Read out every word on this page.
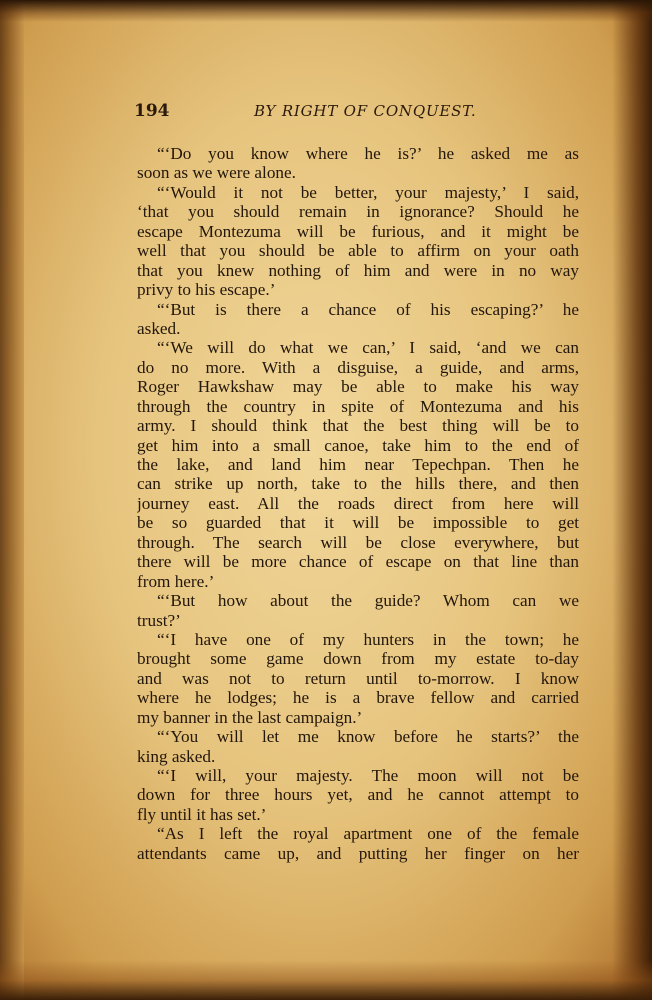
194	BY RIGHT OF CONQUEST.
“‘Do you know where he is?’ he asked me as
soon as we were alone.
“‘Would it not be better, your majesty,’ I said,
‘that you should remain in ignorance? Should he
escape Montezuma will be furious, and it might be
well that you should be able to affirm on your oath
that you knew nothing of him and were in no way
privy to his escape.’
“‘But is there a chance of his escaping?’ he
asked.
“‘We will do what we can,’ I said, ‘and we can
do no more. With a disguise, a guide, and arms,
Roger Hawkshaw may be able to make his way
through the country in spite of Montezuma and his
army. I should think that the best thing will be to
get him into a small canoe, take him to the end of
the lake, and land him near Tepechpan. Then he
can strike up north, take to the hills there, and then
journey east. All the roads direct from here will
be so guarded that it will be impossible to get
through. The search will be close everywhere, but
there will be more chance of escape on that line than
from here.’
“‘But how about the guide? Whom can we
trust?’
“‘I have one of my hunters in the town; he
brought some game down from my estate to-day
and was not to return until to-morrow. I know
where he lodges; he is a brave fellow and carried
my banner in the last campaign.’
“‘You will let me know before he starts?’ the
king asked.
“‘I will, your majesty. The moon will not be
down for three hours yet, and he cannot attempt to
fly until it has set.’
“As I left the royal apartment one of the female
attendants came up, and putting her finger on her
